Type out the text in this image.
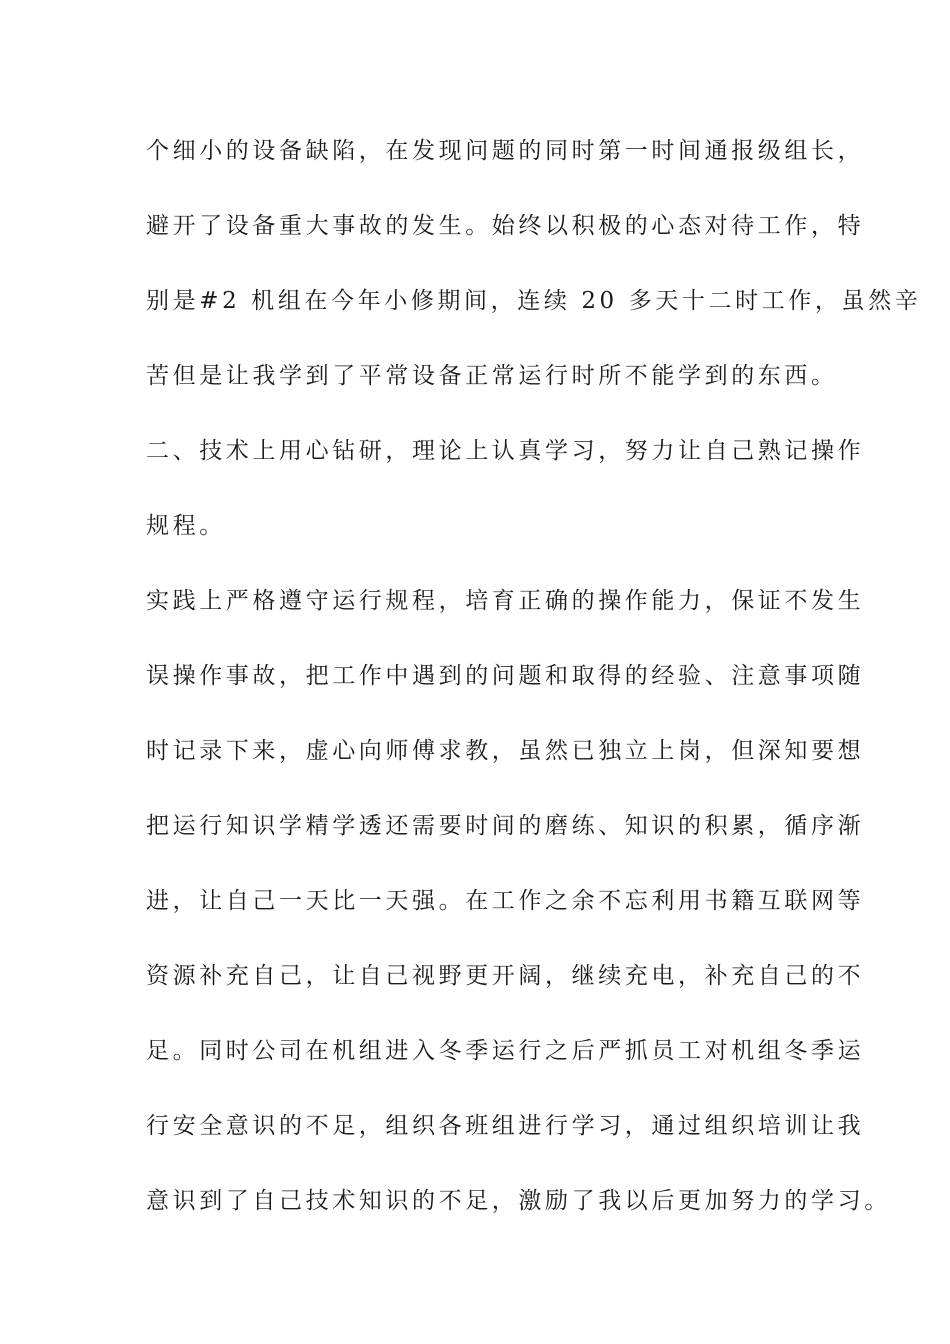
个细小的设备缺陷，在发现问题的同时第一时间通报级组长，
避开了设备重大事故的发生。始终以积极的心态对待工作，特
别是#2 机组在今年小修期间，连续 20 多天十二时工作，虽然辛
苦但是让我学到了平常设备正常运行时所不能学到的东西。
二、技术上用心钻研，理论上认真学习，努力让自己熟记操作
规程。
实践上严格遵守运行规程，培育正确的操作能力，保证不发生
误操作事故，把工作中遇到的问题和取得的经验、注意事项随
时记录下来，虚心向师傅求教，虽然已独立上岗，但深知要想
把运行知识学精学透还需要时间的磨练、知识的积累，循序渐
进，让自己一天比一天强。在工作之余不忘利用书籍互联网等
资源补充自己，让自己视野更开阔，继续充电，补充自己的不
足。同时公司在机组进入冬季运行之后严抓员工对机组冬季运
行安全意识的不足，组织各班组进行学习，通过组织培训让我
意识到了自己技术知识的不足，激励了我以后更加努力的学习。
